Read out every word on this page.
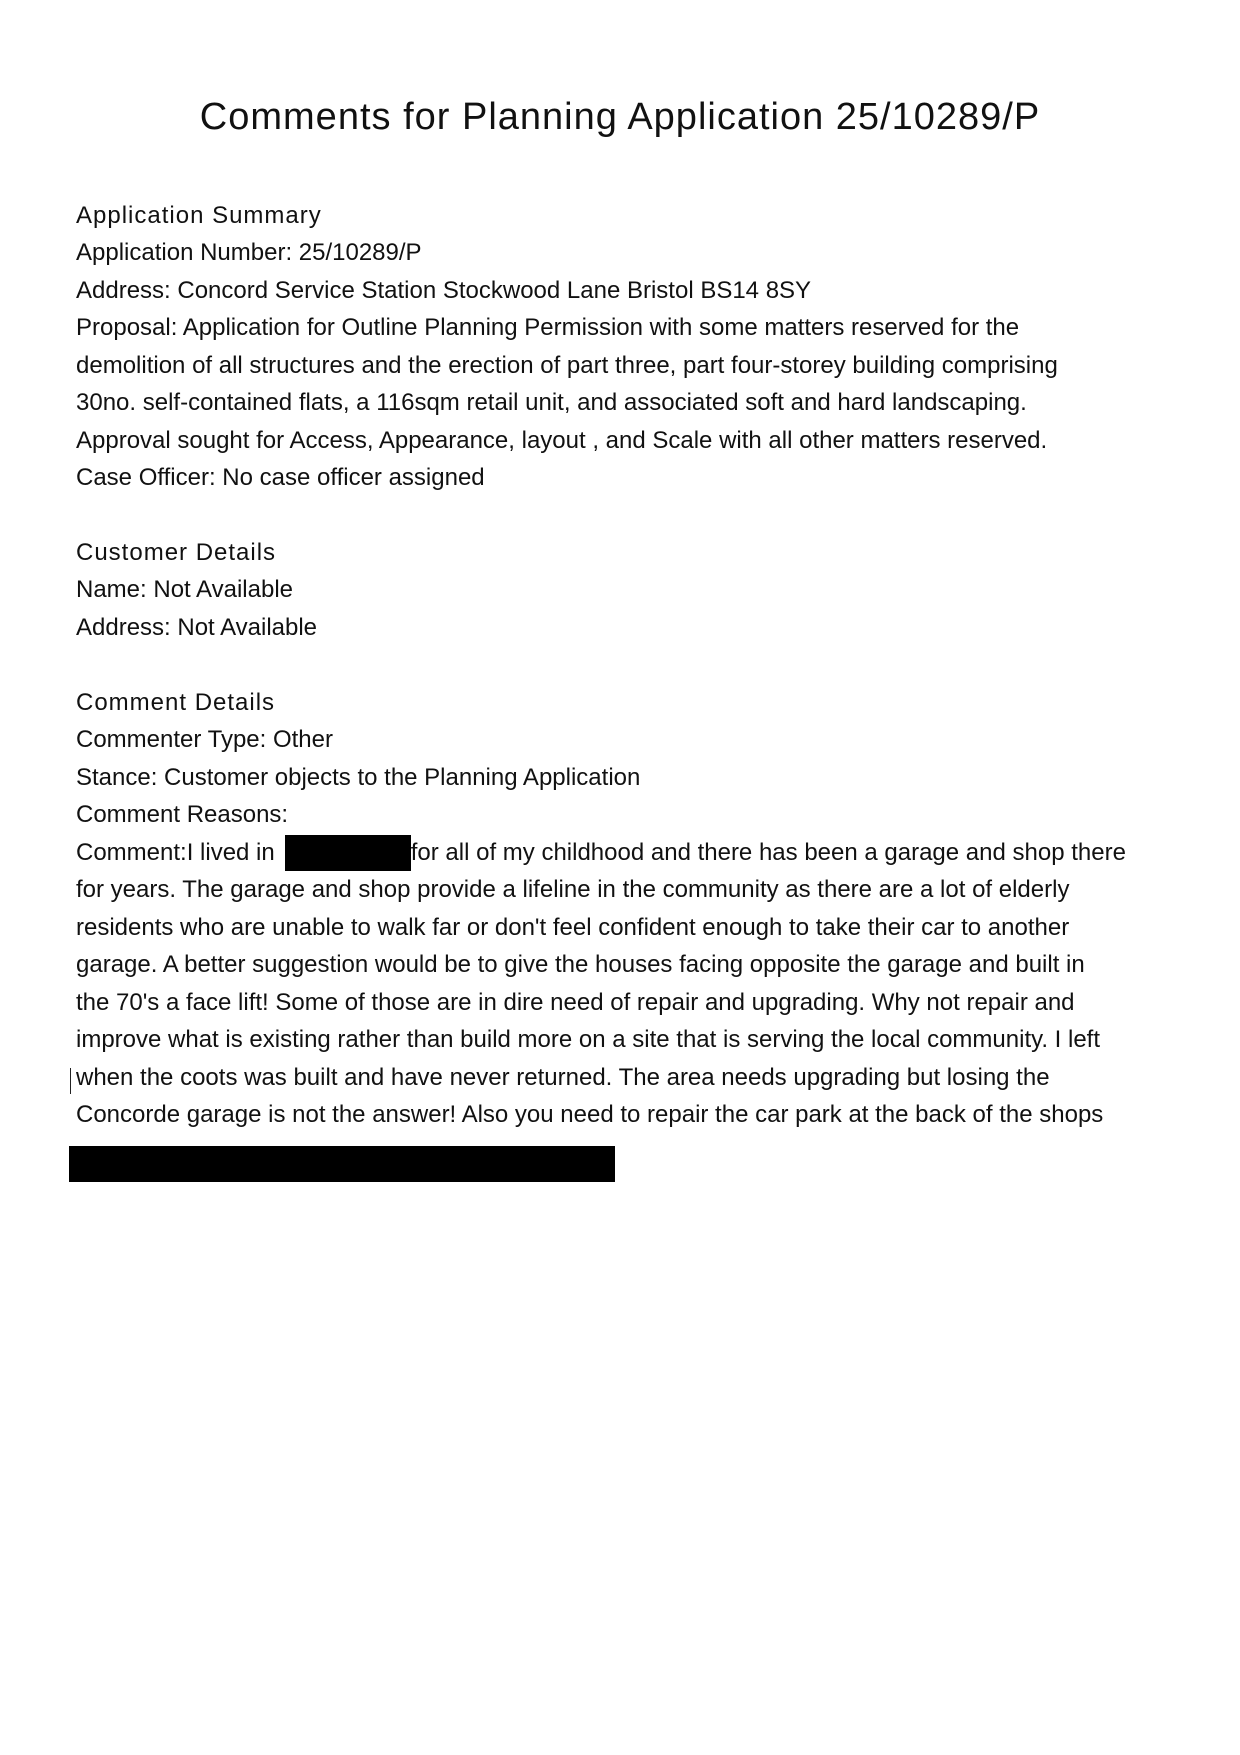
Comments for Planning Application 25/10289/P
Application Summary
Application Number: 25/10289/P
Address: Concord Service Station Stockwood Lane Bristol BS14 8SY
Proposal: Application for Outline Planning Permission with some matters reserved for the
demolition of all structures and the erection of part three, part four-storey building comprising
30no. self-contained flats, a 116sqm retail unit, and associated soft and hard landscaping.
Approval sought for Access, Appearance, layout , and Scale with all other matters reserved.
Case Officer: No case officer assigned
Customer Details
Name: Not Available
Address: Not Available
Comment Details
Commenter Type: Other
Stance: Customer objects to the Planning Application
Comment Reasons:
Comment:I lived in	for all of my childhood and there has been a garage and shop there
for years. The garage and shop provide a lifeline in the community as there are a lot of elderly
residents who are unable to walk far or don't feel confident enough to take their car to another
garage. A better suggestion would be to give the houses facing opposite the garage and built in
the 70's a face lift! Some of those are in dire need of repair and upgrading. Why not repair and
improve what is existing rather than build more on a site that is serving the local community. I left
when the coots was built and have never returned. The area needs upgrading but losing the
Concorde garage is not the answer! Also you need to repair the car park at the back of the shops
